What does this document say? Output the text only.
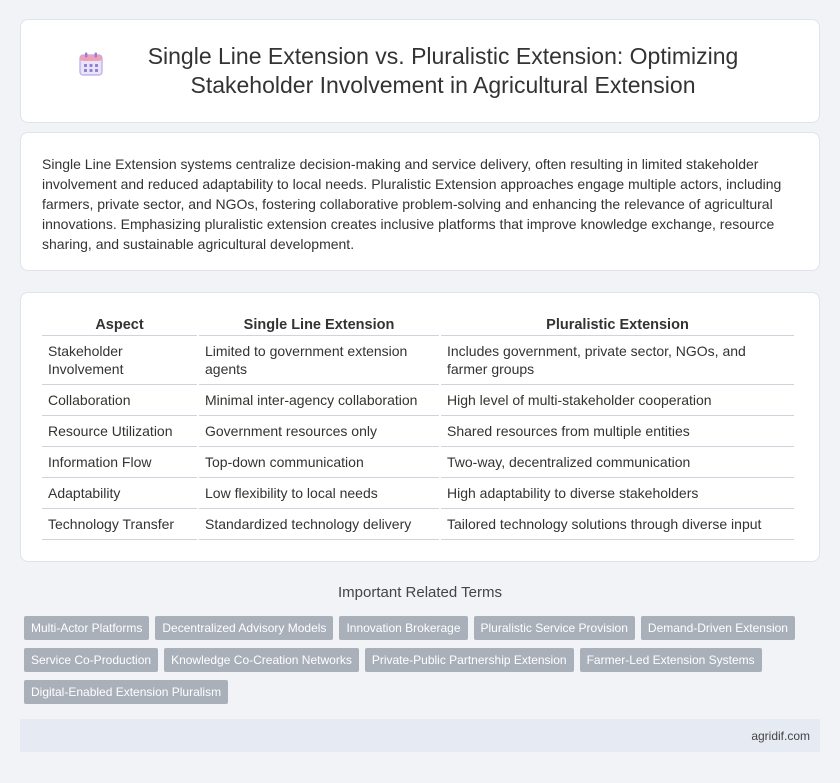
Single Line Extension vs. Pluralistic Extension: Optimizing Stakeholder Involvement in Agricultural Extension

Single Line Extension systems centralize decision-making and service delivery, often resulting in limited stakeholder involvement and reduced adaptability to local needs. Pluralistic Extension approaches engage multiple actors, including farmers, private sector, and NGOs, fostering collaborative problem-solving and enhancing the relevance of agricultural innovations. Emphasizing pluralistic extension creates inclusive platforms that improve knowledge exchange, resource sharing, and sustainable agricultural development.

Aspect	Single Line Extension	Pluralistic Extension
Stakeholder Involvement	Limited to government extension agents	Includes government, private sector, NGOs, and farmer groups
Collaboration	Minimal inter-agency collaboration	High level of multi-stakeholder cooperation
Resource Utilization	Government resources only	Shared resources from multiple entities
Information Flow	Top-down communication	Two-way, decentralized communication
Adaptability	Low flexibility to local needs	High adaptability to diverse stakeholders
Technology Transfer	Standardized technology delivery	Tailored technology solutions through diverse input
Important Related Terms
Multi-Actor Platforms	Decentralized Advisory Models	Innovation Brokerage	Pluralistic Service Provision	Demand-Driven Extension
Service Co-Production	Knowledge Co-Creation Networks	Private-Public Partnership Extension	Farmer-Led Extension Systems
Digital-Enabled Extension Pluralism
agridif.com
